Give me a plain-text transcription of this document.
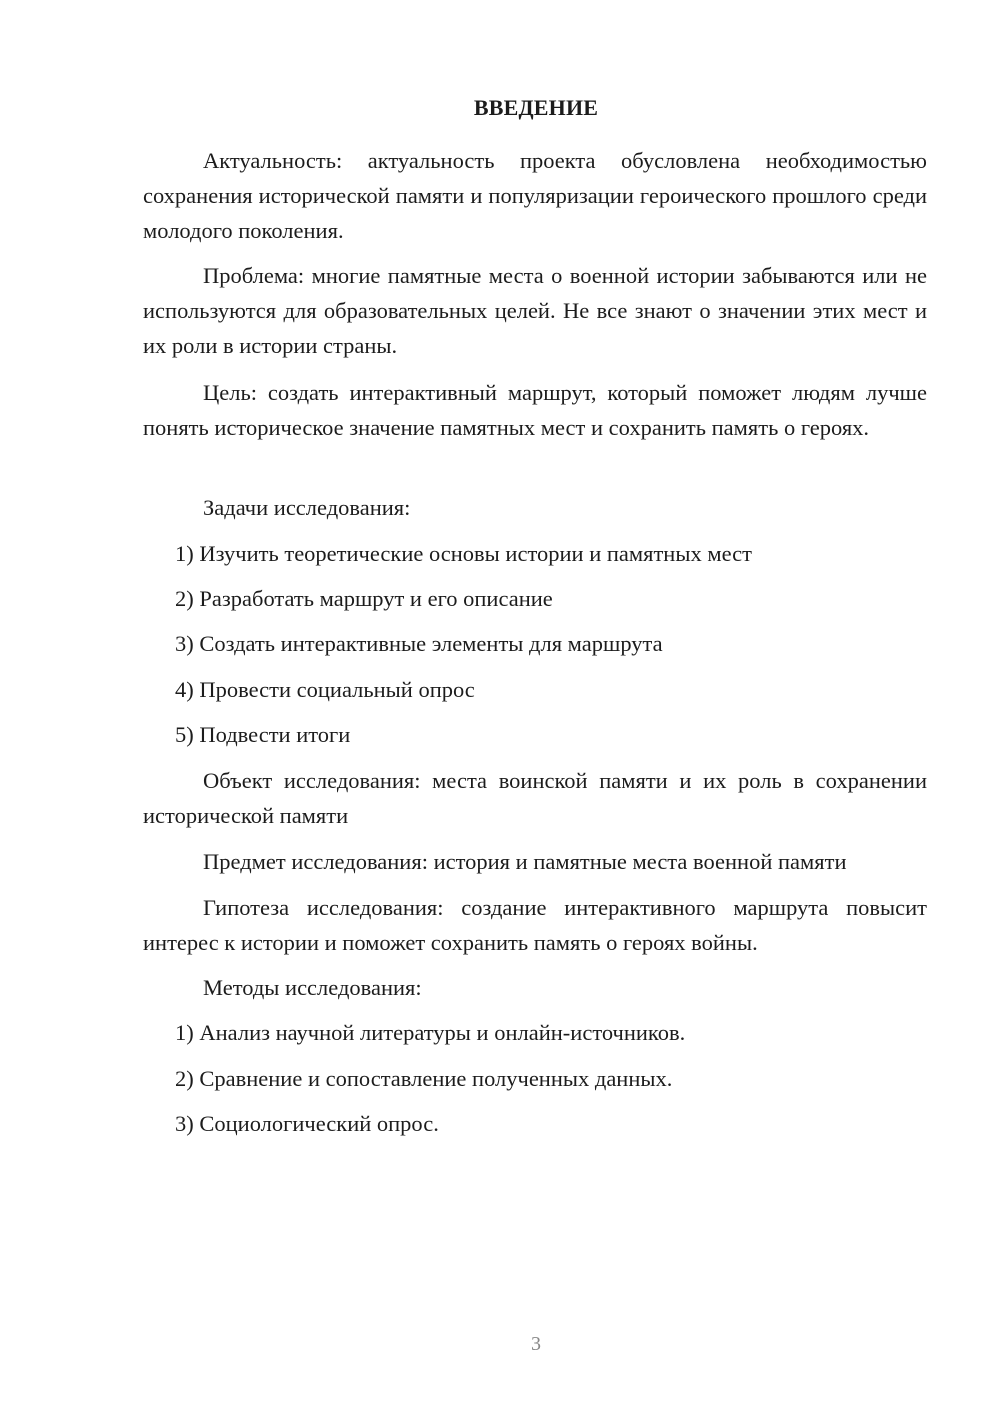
ВВЕДЕНИЕ
Актуальность: актуальность проекта обусловлена необходимостью сохранения исторической памяти и популяризации героического прошлого среди молодого поколения.
Проблема: многие памятные места о военной истории забываются или не используются для образовательных целей. Не все знают о значении этих мест и их роли в истории страны.
Цель: создать интерактивный маршрут, который поможет людям лучше понять историческое значение памятных мест и сохранить память о героях.
Задачи исследования:
1) Изучить теоретические основы истории и памятных мест
2) Разработать маршрут и его описание
3) Создать интерактивные элементы для маршрута
4) Провести социальный опрос
5) Подвести итоги
Объект исследования: места воинской памяти и их роль в сохранении исторической памяти
Предмет исследования: история и памятные места военной памяти
Гипотеза исследования: создание интерактивного маршрута повысит интерес к истории и поможет сохранить память о героях войны.
Методы исследования:
1) Анализ научной литературы и онлайн-источников.
2) Сравнение и сопоставление полученных данных.
3) Социологический опрос.
3
